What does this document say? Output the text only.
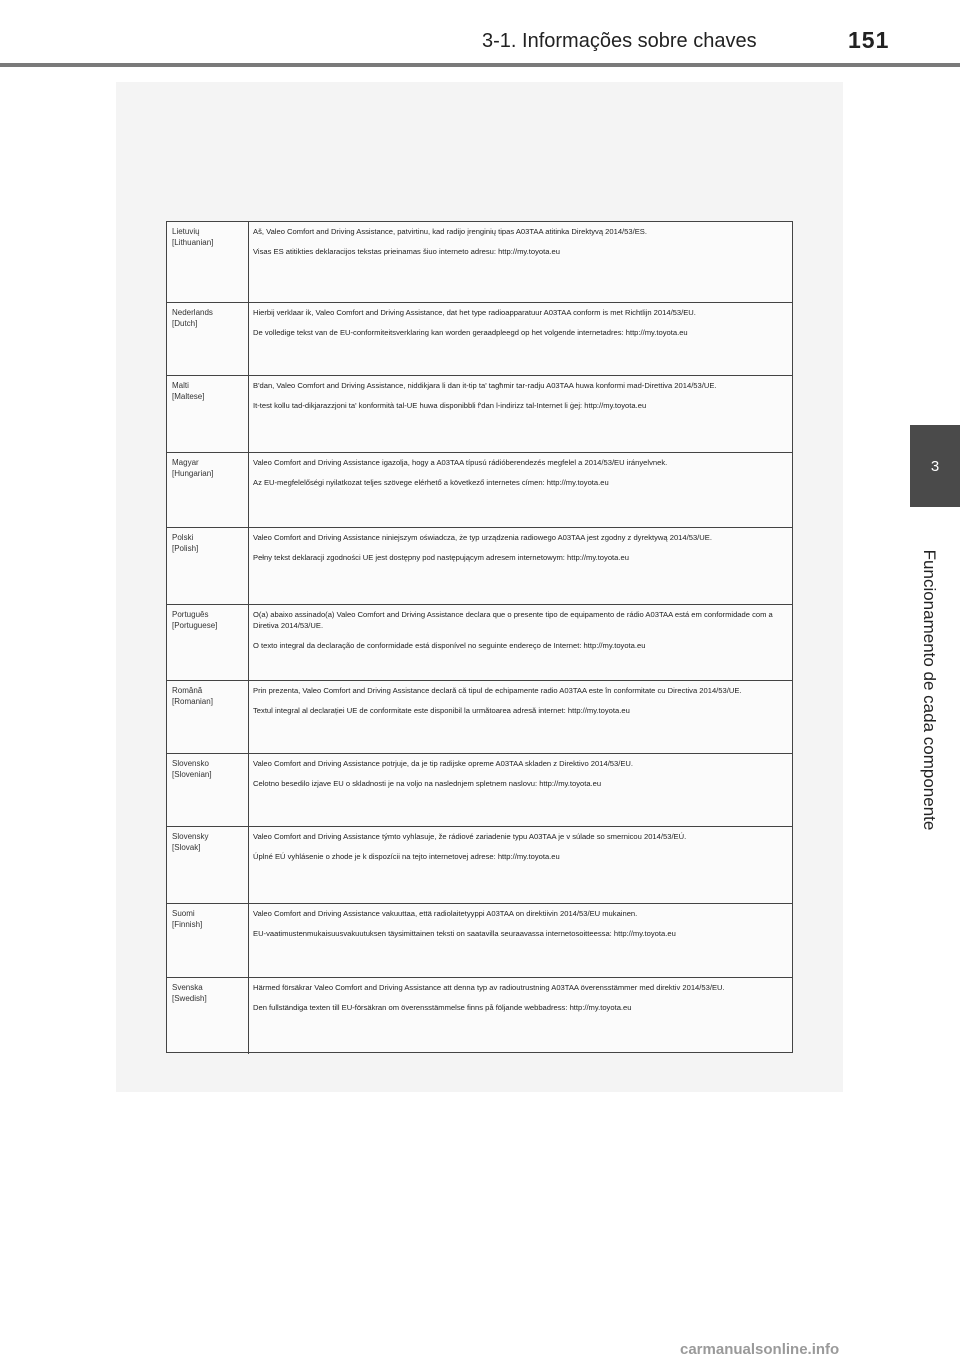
3-1. Informações sobre chaves	151
3
Funcionamento de cada componente
Lietuvių
[Lithuanian]

Aš, Valeo Comfort and Driving Assistance, patvirtinu, kad radijo įrenginių tipas A03TAA atitinka Direktyvą 2014/53/ES.

Visas ES atitikties deklaracijos tekstas prieinamas šiuo interneto adresu: http://my.toyota.eu

Nederlands
[Dutch]

Hierbij verklaar ik, Valeo Comfort and Driving Assistance, dat het type radioapparatuur A03TAA conform is met Richtlijn 2014/53/EU.

De volledige tekst van de EU-conformiteitsverklaring kan worden geraadpleegd op het volgende internetadres: http://my.toyota.eu

Malti
[Maltese]

B'dan, Valeo Comfort and Driving Assistance, niddikjara li dan it-tip ta' tagħmir tar-radju A03TAA huwa konformi mad-Direttiva 2014/53/UE.

It-test kollu tad-dikjarazzjoni ta' konformità tal-UE huwa disponibbli f'dan l-indirizz tal-Internet li ġej: http://my.toyota.eu

Magyar
[Hungarian]

Valeo Comfort and Driving Assistance igazolja, hogy a A03TAA típusú rádióberendezés megfelel a 2014/53/EU irányelvnek.

Az EU-megfelelőségi nyilatkozat teljes szövege elérhető a következő internetes címen: http://my.toyota.eu

Polski
[Polish]

Valeo Comfort and Driving Assistance niniejszym oświadcza, że typ urządzenia radiowego A03TAA jest zgodny z dyrektywą 2014/53/UE.

Pełny tekst deklaracji zgodności UE jest dostępny pod następującym adresem internetowym: http://my.toyota.eu

Português
[Portuguese]

O(a) abaixo assinado(a) Valeo Comfort and Driving Assistance declara que o presente tipo de equipamento de rádio A03TAA está em conformidade com a Diretiva 2014/53/UE.

O texto integral da declaração de conformidade está disponível no seguinte endereço de Internet: http://my.toyota.eu

Română
[Romanian]

Prin prezenta, Valeo Comfort and Driving Assistance declară că tipul de echipamente radio A03TAA este în conformitate cu Directiva 2014/53/UE.

Textul integral al declarației UE de conformitate este disponibil la următoarea adresă internet: http://my.toyota.eu

Slovensko
[Slovenian]

Valeo Comfort and Driving Assistance potrjuje, da je tip radijske opreme A03TAA skladen z Direktivo 2014/53/EU.

Celotno besedilo izjave EU o skladnosti je na voljo na naslednjem spletnem naslovu: http://my.toyota.eu

Slovensky
[Slovak]

Valeo Comfort and Driving Assistance týmto vyhlasuje, že rádiové zariadenie typu A03TAA je v súlade so smernicou 2014/53/EÚ.

Úplné EÚ vyhlásenie o zhode je k dispozícii na tejto internetovej adrese: http://my.toyota.eu

Suomi
[Finnish]

Valeo Comfort and Driving Assistance vakuuttaa, että radiolaitetyyppi A03TAA on direktiivin 2014/53/EU mukainen.

EU-vaatimustenmukaisuusvakuutuksen täysimittainen teksti on saatavilla seuraavassa internetosoitteessa: http://my.toyota.eu

Svenska
[Swedish]

Härmed försäkrar Valeo Comfort and Driving Assistance att denna typ av radioutrustning A03TAA överensstämmer med direktiv 2014/53/EU.

Den fullständiga texten till EU-försäkran om överensstämmelse finns på följande webbadress: http://my.toyota.eu

carmanualsonline.info
